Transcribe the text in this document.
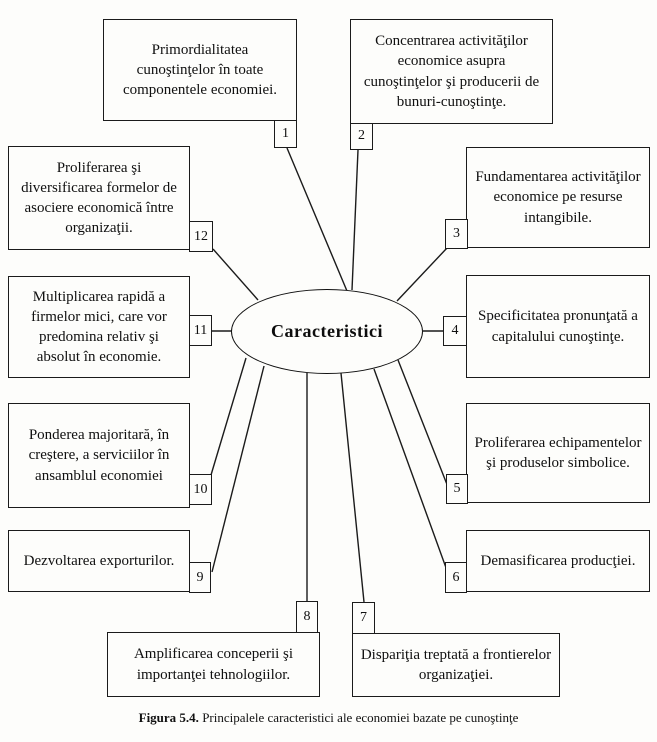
Caracteristici
Primordialitatea cunoştinţelor în toate componentele economiei.
1
Concentrarea activităţilor economice asupra cunoştinţelor şi producerii de bunuri-cunoştinţe.
2
Fundamentarea activităţilor economice pe resurse intangibile.
3
Specificitatea pronunţată a capitalului cunoştinţe.
4
Proliferarea echipamentelor şi produselor simbolice.
5
Demasificarea producţiei.
6
Dispariţia treptată a frontierelor organizaţiei.
7
Amplificarea conceperii şi importanţei tehnologiilor.
8
Dezvoltarea exporturilor.
9
Ponderea majoritară, în creştere, a serviciilor în ansamblul economiei
10
Multiplicarea rapidă a firmelor mici, care vor predomina relativ şi absolut în economie.
11
Proliferarea şi diversificarea formelor de asociere economică între organizaţii.	12
Figura 5.4. Principalele caracteristici ale economiei bazate pe cunoştinţe
